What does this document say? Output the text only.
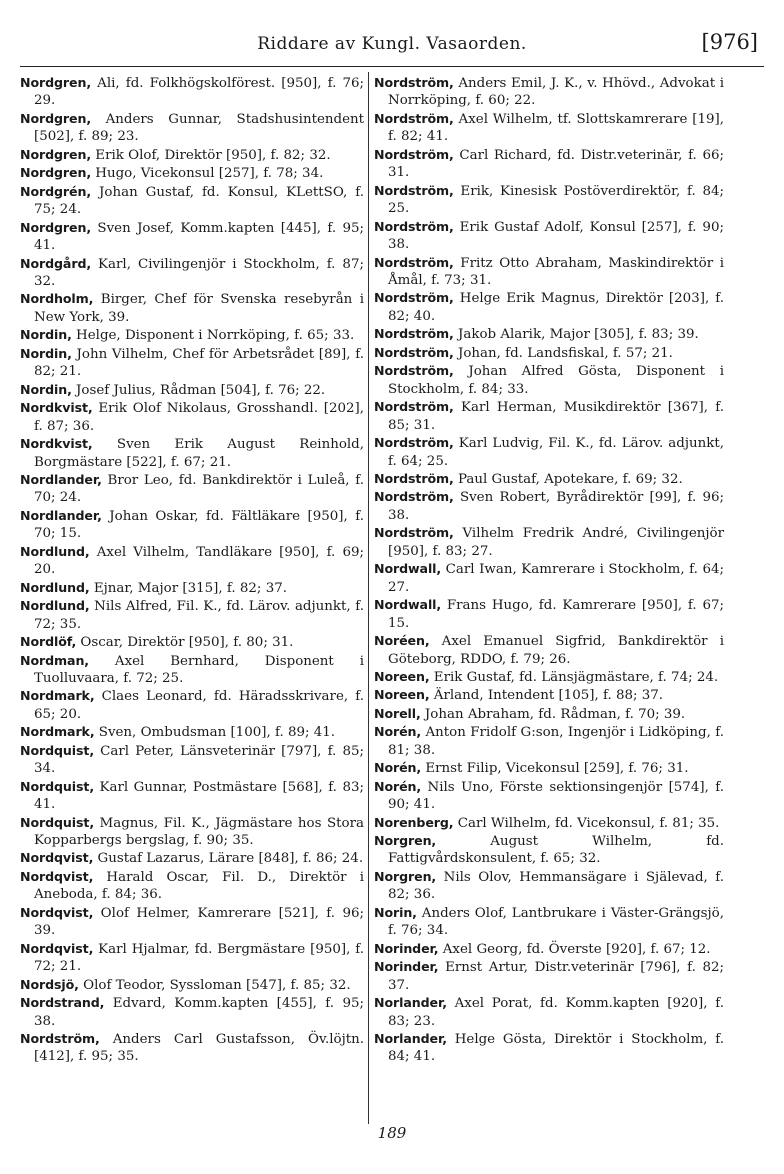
Riddare av Kungl. Vasaorden.	[976]

Nordgren, Ali, fd. Folkhögskolförest. [950], f. 76; 29.

Nordgren, Anders Gunnar, Stadshusintendent [502], f. 89; 23.

Nordgren, Erik Olof, Direktör [950], f. 82; 32.

Nordgren, Hugo, Vicekonsul [257], f. 78; 34.

Nordgrén, Johan Gustaf, fd. Konsul, KLettSO, f. 75; 24.

Nordgren, Sven Josef, Komm.kapten [445], f. 95; 41.

Nordgård, Karl, Civilingenjör i Stockholm, f. 87; 32.

Nordholm, Birger, Chef för Svenska resebyrån i New York, 39.

Nordin, Helge, Disponent i Norrköping, f. 65; 33.

Nordin, John Vilhelm, Chef för Arbetsrådet [89], f. 82; 21.

Nordin, Josef Julius, Rådman [504], f. 76; 22.

Nordkvist, Erik Olof Nikolaus, Grosshandl. [202], f. 87; 36.

Nordkvist, Sven Erik August Reinhold, Borgmästare [522], f. 67; 21.

Nordlander, Bror Leo, fd. Bankdirektör i Luleå, f. 70; 24.

Nordlander, Johan Oskar, fd. Fältläkare [950], f. 70; 15.

Nordlund, Axel Vilhelm, Tandläkare [950], f. 69; 20.

Nordlund, Ejnar, Major [315], f. 82; 37.

Nordlund, Nils Alfred, Fil. K., fd. Lärov. adjunkt, f. 72; 35.

Nordlöf, Oscar, Direktör [950], f. 80; 31.

Nordman, Axel Bernhard, Disponent i Tuolluvaara, f. 72; 25.

Nordmark, Claes Leonard, fd. Häradsskrivare, f. 65; 20.

Nordmark, Sven, Ombudsman [100], f. 89; 41.

Nordquist, Carl Peter, Länsveterinär [797], f. 85; 34.

Nordquist, Karl Gunnar, Postmästare [568], f. 83; 41.

Nordquist, Magnus, Fil. K., Jägmästare hos Stora Kopparbergs bergslag, f. 90; 35.

Nordqvist, Gustaf Lazarus, Lärare [848], f. 86; 24.

Nordqvist, Harald Oscar, Fil. D., Direktör i Aneboda, f. 84; 36.

Nordqvist, Olof Helmer, Kamrerare [521], f. 96; 39.

Nordqvist, Karl Hjalmar, fd. Bergmästare [950], f. 72; 21.

Nordsjö, Olof Teodor, Syssloman [547], f. 85; 32.

Nordstrand, Edvard, Komm.kapten [455], f. 95; 38.

Nordström, Anders Carl Gustafsson, Öv.löjtn. [412], f. 95; 35.

Nordström, Anders Emil, J. K., v. Hhövd., Advokat i Norrköping, f. 60; 22.

Nordström, Axel Wilhelm, tf. Slottskamrerare [19], f. 82; 41.

Nordström, Carl Richard, fd. Distr.veterinär, f. 66; 31.

Nordström, Erik, Kinesisk Postöverdirektör, f. 84; 25.

Nordström, Erik Gustaf Adolf, Konsul [257], f. 90; 38.

Nordström, Fritz Otto Abraham, Maskindirektör i Åmål, f. 73; 31.

Nordström, Helge Erik Magnus, Direktör [203], f. 82; 40.

Nordström, Jakob Alarik, Major [305], f. 83; 39.

Nordström, Johan, fd. Landsfiskal, f. 57; 21.

Nordström, Johan Alfred Gösta, Disponent i Stockholm, f. 84; 33.

Nordström, Karl Herman, Musikdirektör [367], f. 85; 31.

Nordström, Karl Ludvig, Fil. K., fd. Lärov. adjunkt, f. 64; 25.

Nordström, Paul Gustaf, Apotekare, f. 69; 32.

Nordström, Sven Robert, Byrådirektör [99], f. 96; 38.

Nordström, Vilhelm Fredrik André, Civilingenjör [950], f. 83; 27.

Nordwall, Carl Iwan, Kamrerare i Stockholm, f. 64; 27.

Nordwall, Frans Hugo, fd. Kamrerare [950], f. 67; 15.

Noréen, Axel Emanuel Sigfrid, Bankdirektör i Göteborg, RDDO, f. 79; 26.

Noreen, Erik Gustaf, fd. Länsjägmästare, f. 74; 24.

Noreen, Ärland, Intendent [105], f. 88; 37.

Norell, Johan Abraham, fd. Rådman, f. 70; 39.

Norén, Anton Fridolf G:son, Ingenjör i Lidköping, f. 81; 38.

Norén, Ernst Filip, Vicekonsul [259], f. 76; 31.

Norén, Nils Uno, Förste sektionsingenjör [574], f. 90; 41.

Norenberg, Carl Wilhelm, fd. Vicekonsul, f. 81; 35.

Norgren, August Wilhelm, fd. Fattigvårdskonsulent, f. 65; 32.

Norgren, Nils Olov, Hemmansägare i Själevad, f. 82; 36.

Norin, Anders Olof, Lantbrukare i Väster-Grängsjö, f. 76; 34.

Norinder, Axel Georg, fd. Överste [920], f. 67; 12.

Norinder, Ernst Artur, Distr.veterinär [796], f. 82; 37.

Norlander, Axel Porat, fd. Komm.kapten [920], f. 83; 23.

Norlander, Helge Gösta, Direktör i Stockholm, f. 84; 41.

189
